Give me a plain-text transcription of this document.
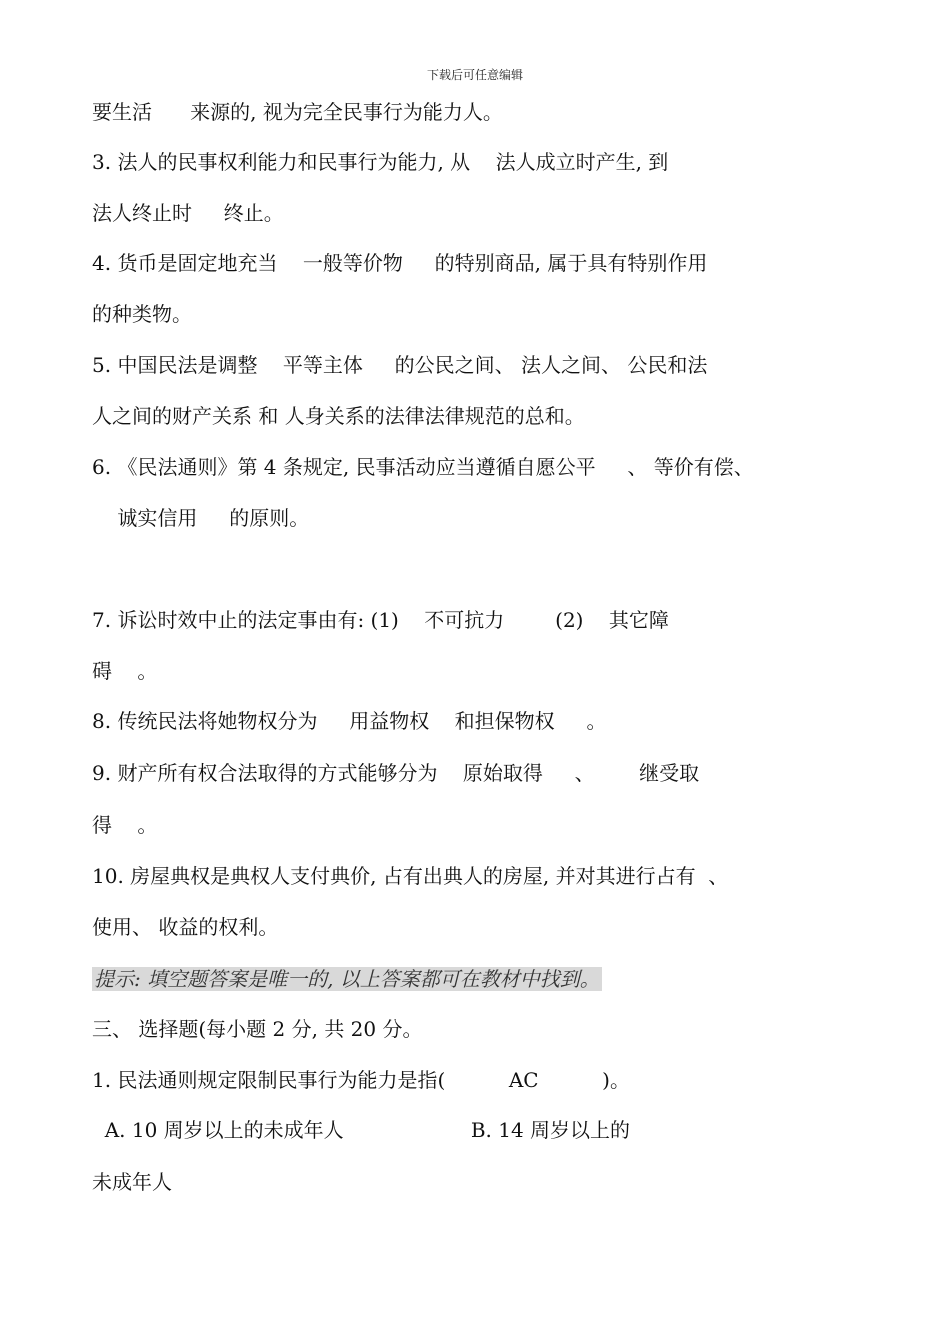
下载后可任意编辑
要生活      来源的, 视为完全民事行为能力人。
3. 法人的民事权利能力和民事行为能力, 从    法人成立时产生, 到
法人终止时     终止。
4. 货币是固定地充当    一般等价物     的特别商品, 属于具有特别作用
的种类物。
5. 中国民法是调整    平等主体     的公民之间、 法人之间、 公民和法
人之间的财产关系 和 人身关系的法律法律规范的总和。
6. 《民法通则》第 4 条规定, 民事活动应当遵循自愿公平     、 等价有偿、
诚实信用     的原则。
7. 诉讼时效中止的法定事由有: (1)    不可抗力        (2)    其它障
碍    。
8. 传统民法将她物权分为     用益物权    和担保物权     。
9. 财产所有权合法取得的方式能够分为    原始取得     、       继受取
得    。
10. 房屋典权是典权人支付典价, 占有出典人的房屋, 并对其进行占有  、
使用、 收益的权利。
提示: 填空题答案是唯一的, 以上答案都可在教材中找到。
三、 选择题(每小题 2 分, 共 20 分。
1. 民法通则规定限制民事行为能力是指(          AC          )。
A. 10 周岁以上的未成年人                    B. 14 周岁以上的
未成年人
